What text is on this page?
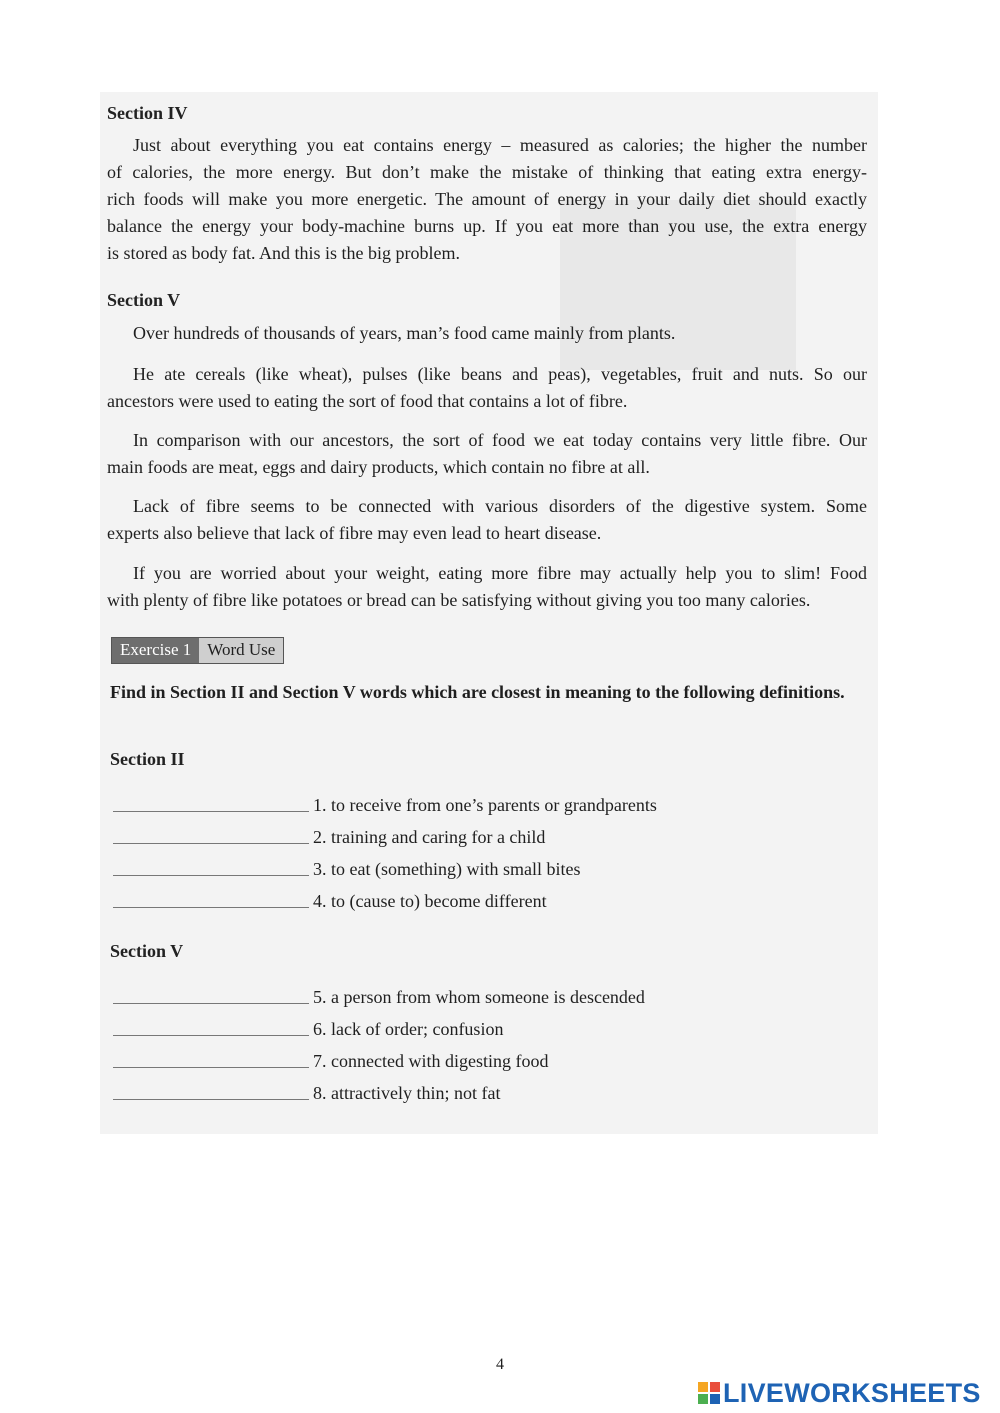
Section IV

Just about everything you eat contains energy – measured as calories; the higher the number
of calories, the more energy. But don’t make the mistake of thinking that eating extra energy-
rich foods will make you more energetic. The amount of energy in your daily diet should exactly
balance the energy your body-machine burns up. If you eat more than you use, the extra energy
is stored as body fat. And this is the big problem.

Section V

Over hundreds of thousands of years, man’s food came mainly from plants.

He ate cereals (like wheat), pulses (like beans and peas), vegetables, fruit and nuts. So our
ancestors were used to eating the sort of food that contains a lot of fibre.

In comparison with our ancestors, the sort of food we eat today contains very little fibre. Our
main foods are meat, eggs and dairy products, which contain no fibre at all.

Lack of fibre seems to be connected with various disorders of the digestive system. Some
experts also believe that lack of fibre may even lead to heart disease.

If you are worried about your weight, eating more fibre may actually help you to slim! Food
with plenty of fibre like potatoes or bread can be satisfying without giving you too many calories.

Exercise 1 Word Use

Find in Section II and Section V words which are closest in meaning to the following definitions.

Section II
1. to receive from one’s parents or grandparents
2. training and caring for a child
3. to eat (something) with small bites
4. to (cause to) become different
Section V
5. a person from whom someone is descended
6. lack of order; confusion
7. connected with digesting food
8. attractively thin; not fat
4
LIVEWORKSHEETS
